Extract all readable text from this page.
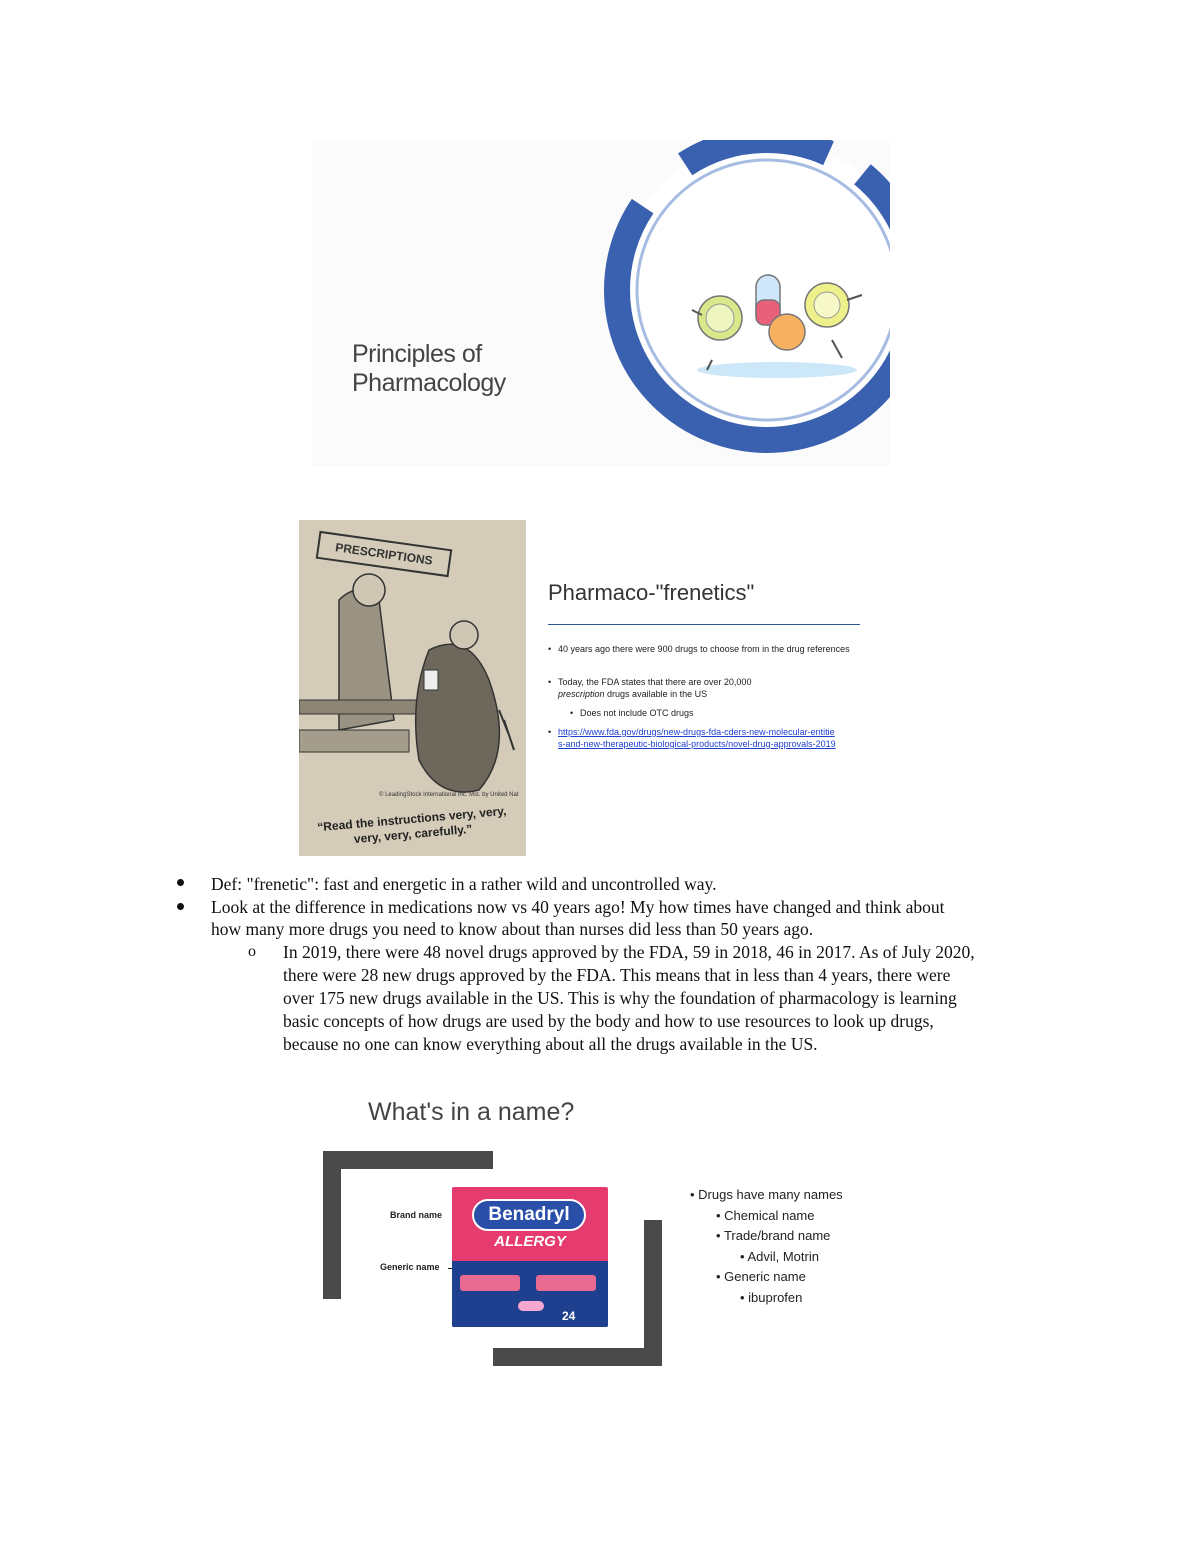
Principles of
Pharmacology
PRESCRIPTIONS
© LeadingStock International Inc. Mst. by United Nat
“Read the instructions very, very, very, very, carefully.”
Pharmaco-"frenetics"
• 40 years ago there were 900 drugs to choose from in the drug references
• Today, the FDA states that there are over 20,000
prescription drugs available in the US
• Does not include OTC drugs
• https://www.fda.gov/drugs/new-drugs-fda-cders-new-molecular-entities-and-new-therapeutic-biological-products/novel-drug-approvals-2019
Def: "frenetic": fast and energetic in a rather wild and uncontrolled way.
Look at the difference in medications now vs 40 years ago! My how times have changed and think about
how many more drugs you need to know about than nurses did less than 50 years ago.
o In 2019, there were 48 novel drugs approved by the FDA, 59 in 2018, 46 in 2017. As of July 2020,
there were 28 new drugs approved by the FDA. This means that in less than 4 years, there were
over 175 new drugs available in the US. This is why the foundation of pharmacology is learning
basic concepts of how drugs are used by the body and how to use resources to look up drugs,
because no one can know everything about all the drugs available in the US.
What's in a name?
Brand name
Generic name
Benadryl
ALLERGY
24
• Drugs have many names
• Chemical name
• Trade/brand name
• Advil, Motrin
• Generic name
• ibuprofen
